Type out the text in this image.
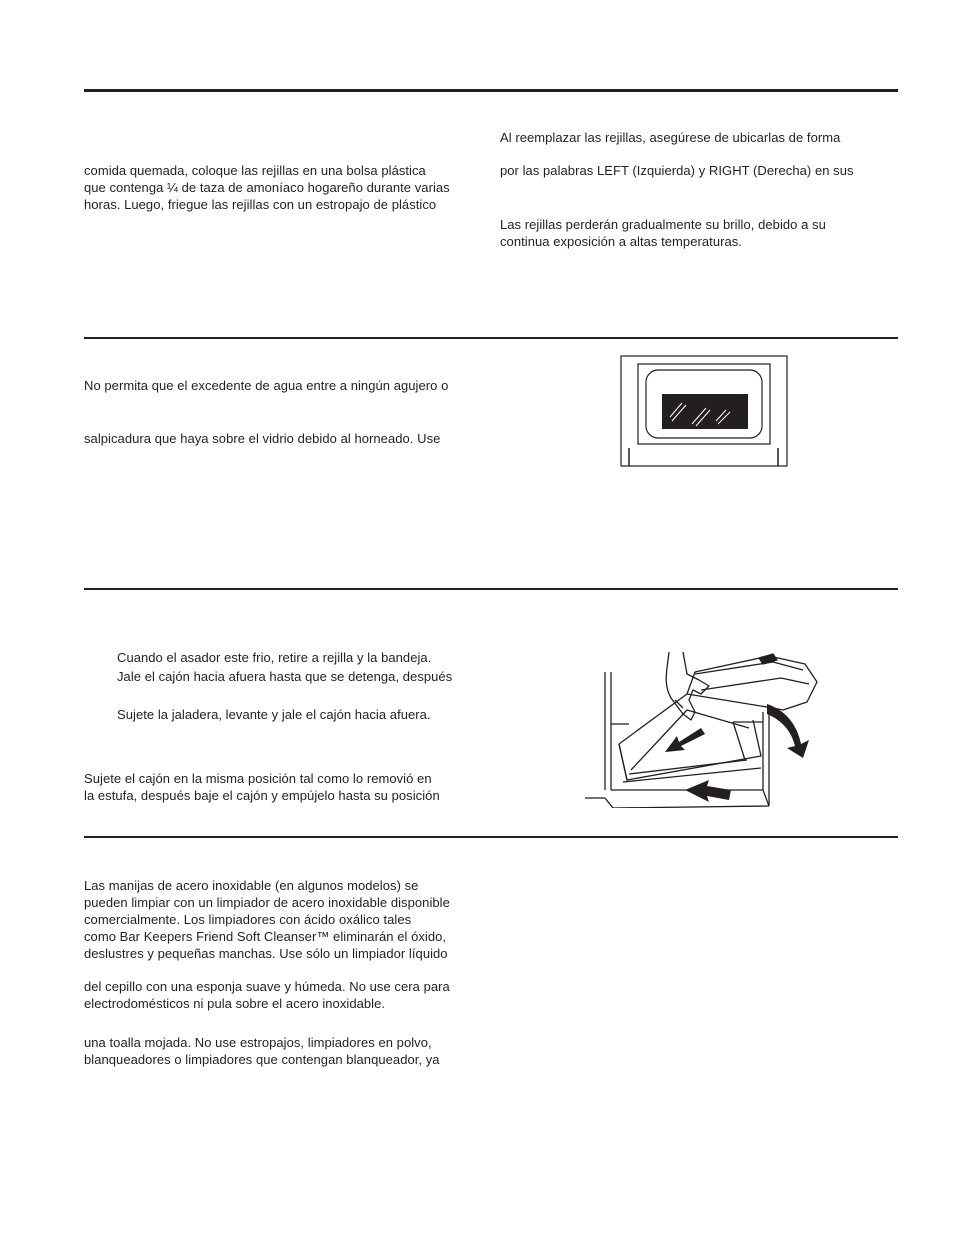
comida quemada, coloque las rejillas en una bolsa plástica

que contenga ¼ de taza de amoníaco hogareño durante varias

horas. Luego, friegue las rejillas con un estropajo de plástico

Al reemplazar las rejillas, asegúrese de ubicarlas de forma

por las palabras LEFT (Izquierda) y RIGHT (Derecha) en sus

Las rejillas perderán gradualmente su brillo, debido a su

continua exposición a altas temperaturas.

No permita que el excedente de agua entre a ningún agujero o

salpicadura que haya sobre el vidrio debido al horneado. Use

Cuando el asador este frio, retire a rejilla y la bandeja.

Jale el cajón hacia afuera hasta que se detenga, después

Sujete la jaladera, levante y jale el cajón hacia afuera.

Sujete el cajón en la misma posición tal como lo removió en

la estufa, después baje el cajón y empújelo hasta su posición

Las manijas de acero inoxidable (en algunos modelos) se

pueden limpiar con un limpiador de acero inoxidable disponible

comercialmente. Los limpiadores con ácido oxálico tales

como Bar Keepers Friend Soft Cleanser™ eliminarán el óxido,

deslustres y pequeñas manchas. Use sólo un limpiador líquido

del cepillo con una esponja suave y húmeda. No use cera para

electrodomésticos ni pula sobre el acero inoxidable.

una toalla mojada. No use estropajos, limpiadores en polvo,

blanqueadores o limpiadores que contengan blanqueador, ya
